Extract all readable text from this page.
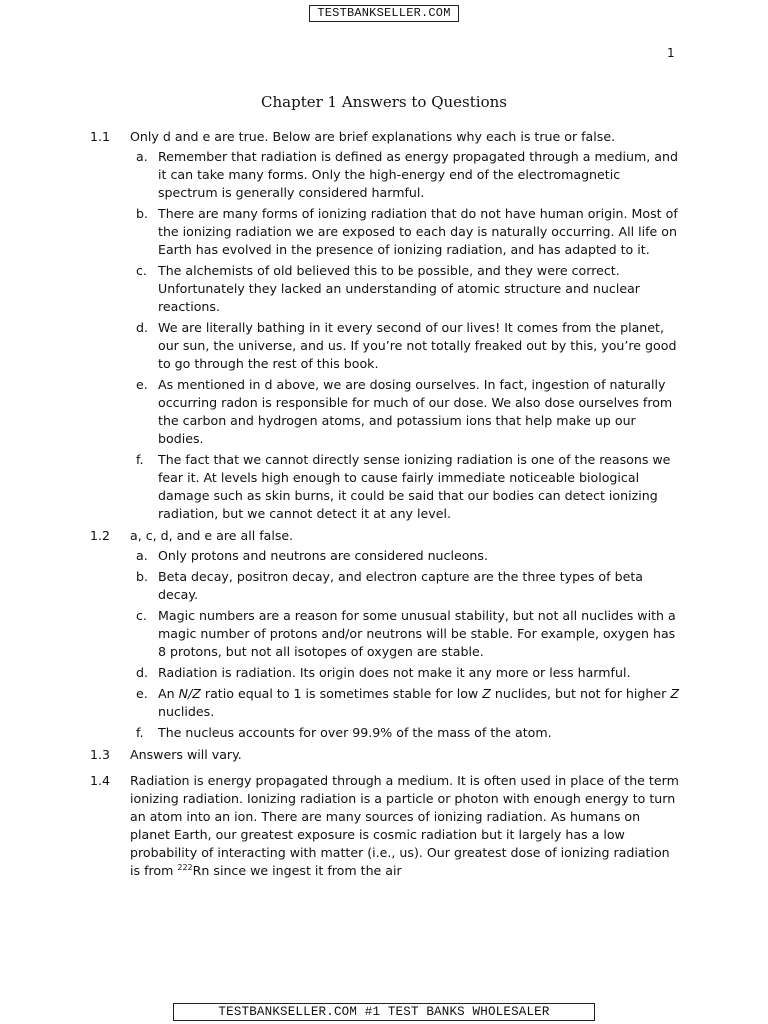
TESTBANKSELLER.COM
1
Chapter 1 Answers to Questions
1.1 Only d and e are true. Below are brief explanations why each is true or false.
a. Remember that radiation is defined as energy propagated through a medium, and it can take many forms. Only the high-energy end of the electromagnetic spectrum is generally considered harmful.
b. There are many forms of ionizing radiation that do not have human origin. Most of the ionizing radiation we are exposed to each day is naturally occurring. All life on Earth has evolved in the presence of ionizing radiation, and has adapted to it.
c. The alchemists of old believed this to be possible, and they were correct. Unfortunately they lacked an understanding of atomic structure and nuclear reactions.
d. We are literally bathing in it every second of our lives! It comes from the planet, our sun, the universe, and us. If you’re not totally freaked out by this, you’re good to go through the rest of this book.
e. As mentioned in d above, we are dosing ourselves. In fact, ingestion of naturally occurring radon is responsible for much of our dose. We also dose ourselves from the carbon and hydrogen atoms, and potassium ions that help make up our bodies.
f. The fact that we cannot directly sense ionizing radiation is one of the reasons we fear it. At levels high enough to cause fairly immediate noticeable biological damage such as skin burns, it could be said that our bodies can detect ionizing radiation, but we cannot detect it at any level.
1.2 a, c, d, and e are all false.
a. Only protons and neutrons are considered nucleons.
b. Beta decay, positron decay, and electron capture are the three types of beta decay.
c. Magic numbers are a reason for some unusual stability, but not all nuclides with a magic number of protons and/or neutrons will be stable. For example, oxygen has 8 protons, but not all isotopes of oxygen are stable.
d. Radiation is radiation. Its origin does not make it any more or less harmful.
e. An N/Z ratio equal to 1 is sometimes stable for low Z nuclides, but not for higher Z nuclides.
f. The nucleus accounts for over 99.9% of the mass of the atom.
1.3 Answers will vary.
1.4 Radiation is energy propagated through a medium. It is often used in place of the term ionizing radiation. Ionizing radiation is a particle or photon with enough energy to turn an atom into an ion. There are many sources of ionizing radiation. As humans on planet Earth, our greatest exposure is cosmic radiation but it largely has a low probability of interacting with matter (i.e., us). Our greatest dose of ionizing radiation is from $^{222}$Rn since we ingest it from the air
TESTBANKSELLER.COM #1 TEST BANKS WHOLESALER
